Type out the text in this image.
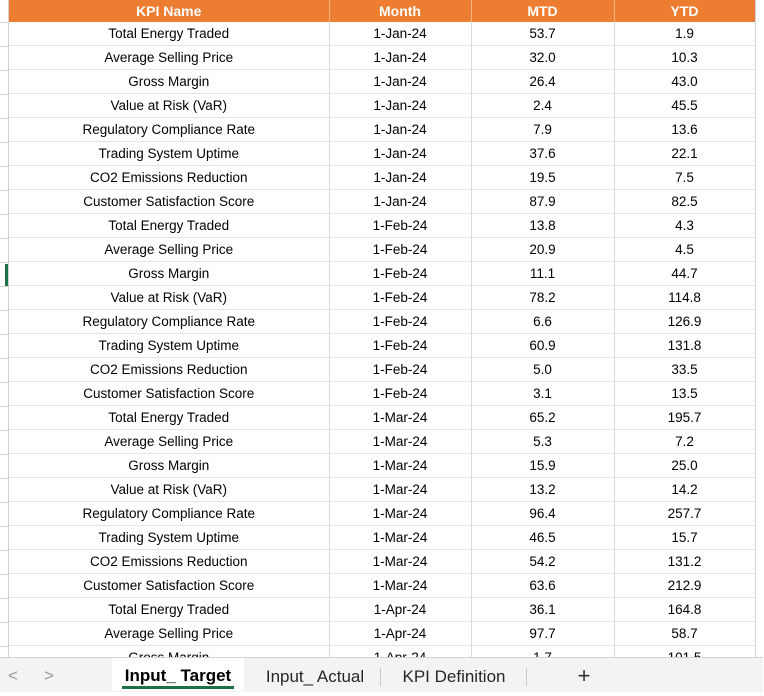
KPI Name	Month	MTD	YTD
Total Energy Traded	1-Jan-24	53.7	1.9
Average Selling Price	1-Jan-24	32.0	10.3
Gross Margin	1-Jan-24	26.4	43.0
Value at Risk (VaR)	1-Jan-24	2.4	45.5
Regulatory Compliance Rate	1-Jan-24	7.9	13.6
Trading System Uptime	1-Jan-24	37.6	22.1
CO2 Emissions Reduction	1-Jan-24	19.5	7.5
Customer Satisfaction Score	1-Jan-24	87.9	82.5
Total Energy Traded	1-Feb-24	13.8	4.3
Average Selling Price	1-Feb-24	20.9	4.5
Gross Margin	1-Feb-24	11.1	44.7
Value at Risk (VaR)	1-Feb-24	78.2	114.8
Regulatory Compliance Rate	1-Feb-24	6.6	126.9
Trading System Uptime	1-Feb-24	60.9	131.8
CO2 Emissions Reduction	1-Feb-24	5.0	33.5
Customer Satisfaction Score	1-Feb-24	3.1	13.5
Total Energy Traded	1-Mar-24	65.2	195.7
Average Selling Price	1-Mar-24	5.3	7.2
Gross Margin	1-Mar-24	15.9	25.0
Value at Risk (VaR)	1-Mar-24	13.2	14.2
Regulatory Compliance Rate	1-Mar-24	96.4	257.7
Trading System Uptime	1-Mar-24	46.5	15.7
CO2 Emissions Reduction	1-Mar-24	54.2	131.2
Customer Satisfaction Score	1-Mar-24	63.6	212.9
Total Energy Traded	1-Apr-24	36.1	164.8
Average Selling Price	1-Apr-24	97.7	58.7

< >	Input_ Target	Input_ Actual	KPI Definition	+
